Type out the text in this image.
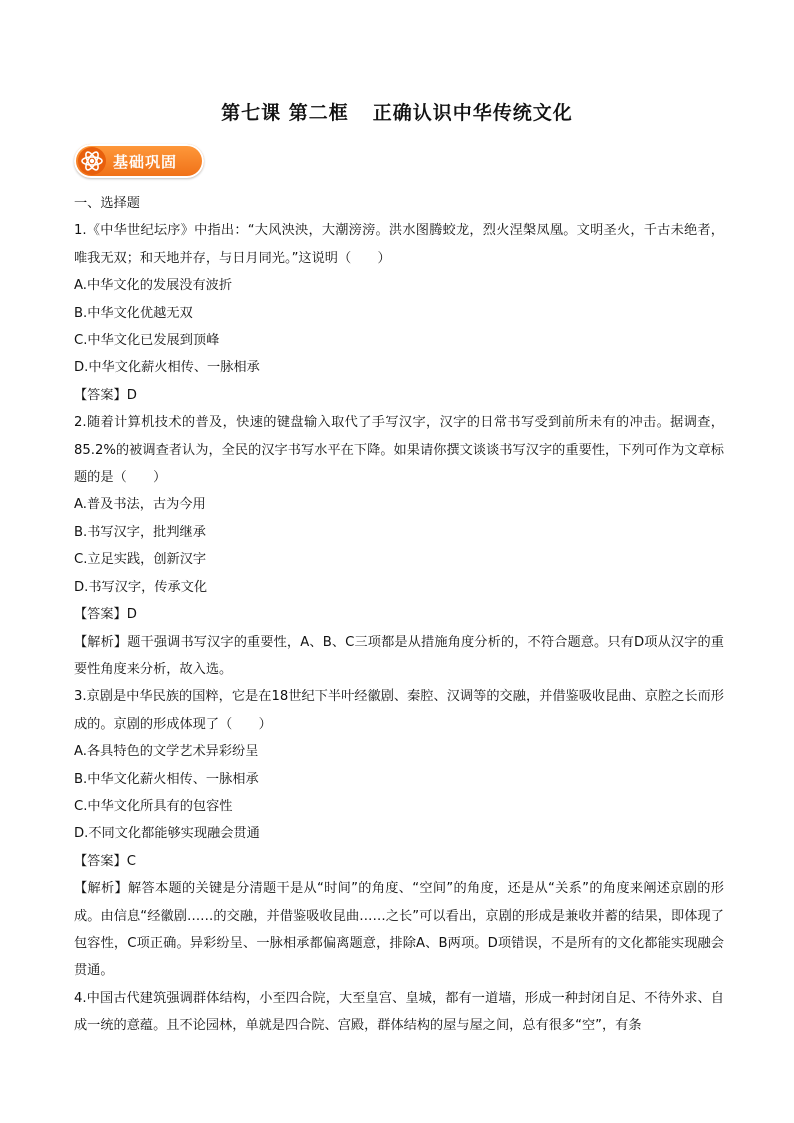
第七课 第二框 正确认识中华传统文化
基础巩固

一、选择题

1.《中华世纪坛序》中指出：“大风泱泱，大潮滂滂。洪水图腾蛟龙，烈火涅槃凤凰。文明圣火，千古未绝者，唯我无双；和天地并存，与日月同光。”这说明（　　）

A.中华文化的发展没有波折

B.中华文化优越无双

C.中华文化已发展到顶峰

D.中华文化薪火相传、一脉相承

【答案】D

2.随着计算机技术的普及，快速的键盘输入取代了手写汉字，汉字的日常书写受到前所未有的冲击。据调查，85.2%的被调查者认为，全民的汉字书写水平在下降。如果请你撰文谈谈书写汉字的重要性，下列可作为文章标题的是（　　）

A.普及书法，古为今用

B.书写汉字，批判继承

C.立足实践，创新汉字

D.书写汉字，传承文化

【答案】D

【解析】题干强调书写汉字的重要性，A、B、C三项都是从措施角度分析的，不符合题意。只有D项从汉字的重要性角度来分析，故入选。

3.京剧是中华民族的国粹，它是在18世纪下半叶经徽剧、秦腔、汉调等的交融，并借鉴吸收昆曲、京腔之长而形成的。京剧的形成体现了（　　）

A.各具特色的文学艺术异彩纷呈

B.中华文化薪火相传、一脉相承

C.中华文化所具有的包容性

D.不同文化都能够实现融会贯通

【答案】C

【解析】解答本题的关键是分清题干是从“时间”的角度、“空间”的角度，还是从“关系”的角度来阐述京剧的形成。由信息“经徽剧……的交融，并借鉴吸收昆曲……之长”可以看出，京剧的形成是兼收并蓄的结果，即体现了包容性，C项正确。异彩纷呈、一脉相承都偏离题意，排除A、B两项。D项错误，不是所有的文化都能实现融会贯通。

4.中国古代建筑强调群体结构，小至四合院，大至皇宫、皇城，都有一道墙，形成一种封闭自足、不待外求、自成一统的意蕴。且不论园林，单就是四合院、宫殿，群体结构的屋与屋之间，总有很多“空”，有条
